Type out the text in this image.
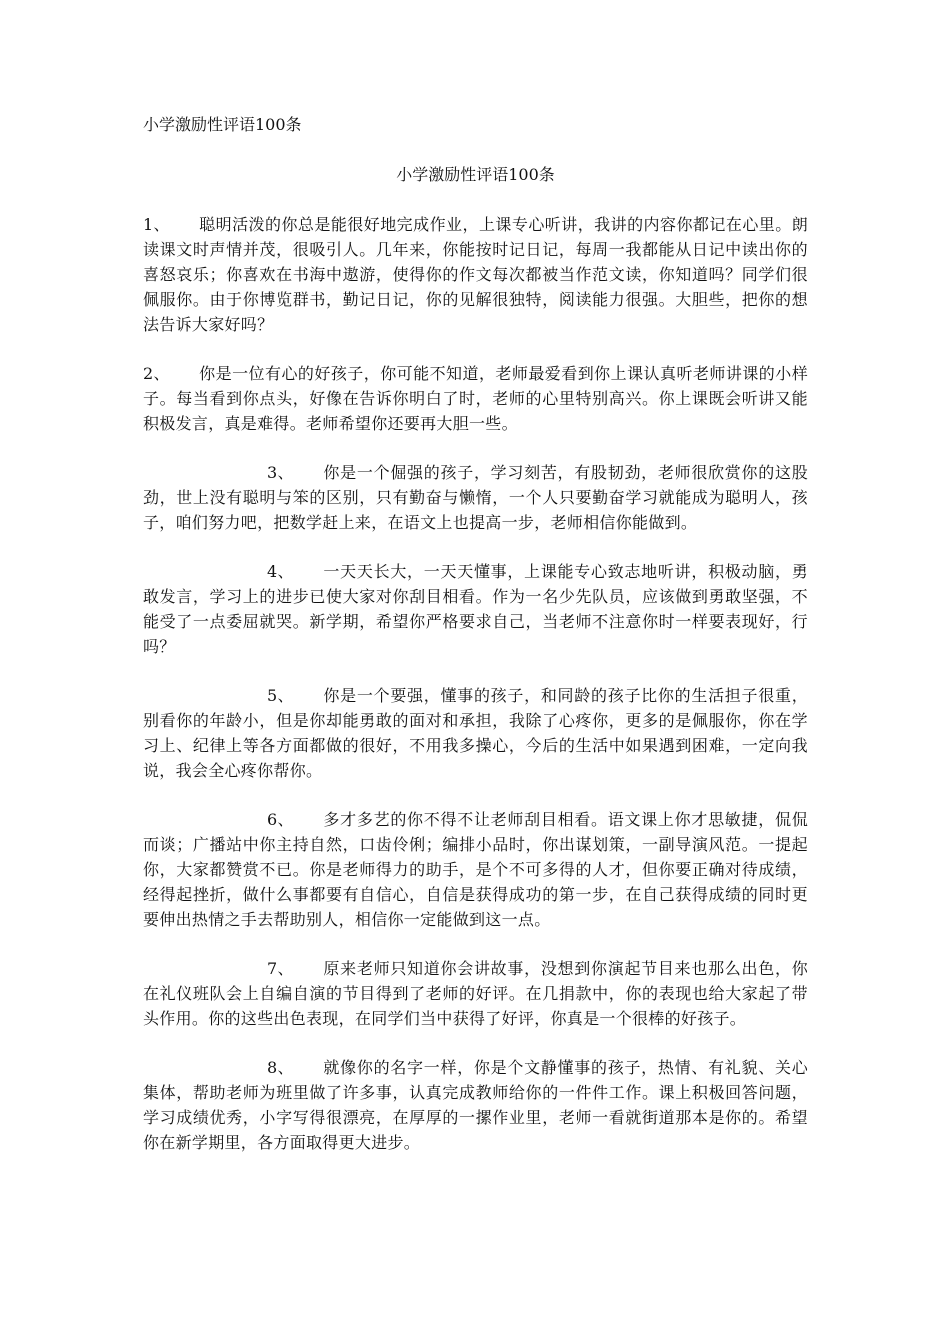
小学激励性评语100条

小学激励性评语100条

1、 聪明活泼的你总是能很好地完成作业，上课专心听讲，我讲的内容你都记在心里。朗读课文时声情并茂，很吸引人。几年来，你能按时记日记，每周一我都能从日记中读出你的喜怒哀乐；你喜欢在书海中遨游，使得你的作文每次都被当作范文读，你知道吗？同学们很佩服你。由于你博览群书，勤记日记，你的见解很独特，阅读能力很强。大胆些，把你的想法告诉大家好吗？

2、 你是一位有心的好孩子，你可能不知道，老师最爱看到你上课认真听老师讲课的小样子。每当看到你点头，好像在告诉你明白了时，老师的心里特别高兴。你上课既会听讲又能积极发言，真是难得。老师希望你还要再大胆一些。

3、 你是一个倔强的孩子，学习刻苦，有股韧劲，老师很欣赏你的这股劲，世上没有聪明与笨的区别，只有勤奋与懒惰，一个人只要勤奋学习就能成为聪明人，孩子，咱们努力吧，把数学赶上来，在语文上也提高一步，老师相信你能做到。

4、 一天天长大，一天天懂事，上课能专心致志地听讲，积极动脑，勇敢发言，学习上的进步已使大家对你刮目相看。作为一名少先队员，应该做到勇敢坚强，不能受了一点委屈就哭。新学期，希望你严格要求自己，当老师不注意你时一样要表现好，行吗？

5、 你是一个要强，懂事的孩子，和同龄的孩子比你的生活担子很重，别看你的年龄小，但是你却能勇敢的面对和承担，我除了心疼你，更多的是佩服你，你在学习上、纪律上等各方面都做的很好，不用我多操心，今后的生活中如果遇到困难，一定向我说，我会全心疼你帮你。

6、 多才多艺的你不得不让老师刮目相看。语文课上你才思敏捷，侃侃而谈；广播站中你主持自然，口齿伶俐；编排小品时，你出谋划策，一副导演风范。一提起你，大家都赞赏不已。你是老师得力的助手，是个不可多得的人才，但你要正确对待成绩，经得起挫折，做什么事都要有自信心，自信是获得成功的第一步，在自己获得成绩的同时更要伸出热情之手去帮助别人，相信你一定能做到这一点。

7、 原来老师只知道你会讲故事，没想到你演起节目来也那么出色，你在礼仪班队会上自编自演的节目得到了老师的好评。在几捐款中，你的表现也给大家起了带头作用。你的这些出色表现，在同学们当中获得了好评，你真是一个很棒的好孩子。

8、 就像你的名字一样，你是个文静懂事的孩子，热情、有礼貌、关心集体，帮助老师为班里做了许多事，认真完成教师给你的一件件工作。课上积极回答问题，学习成绩优秀，小字写得很漂亮，在厚厚的一摞作业里，老师一看就街道那本是你的。希望你在新学期里，各方面取得更大进步。
